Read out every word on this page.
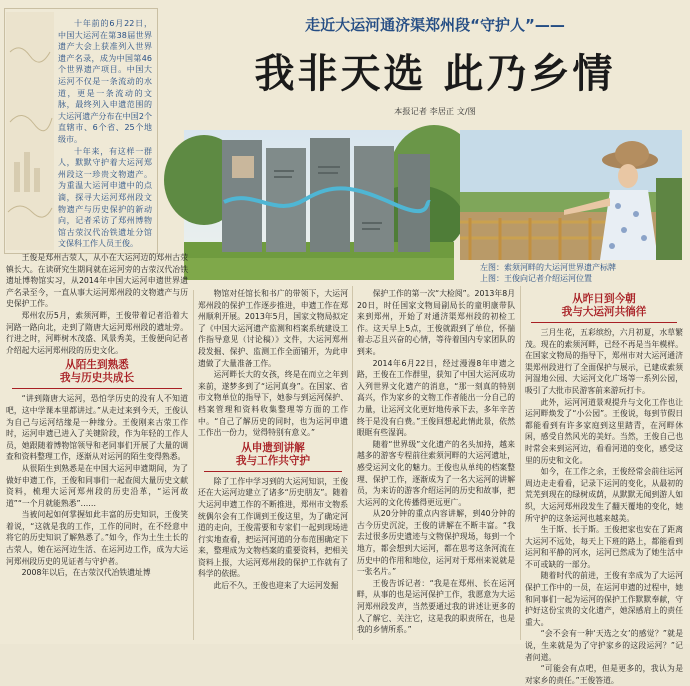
十年前的6月22日，中国大运河在第38届世界遗产大会上获准列入世界遗产名录，成为中国第46个世界遗产项目。中国大运河不仅是一条流动的水道，更是一条流动的文脉，最终列入申遗范围的大运河遗产分布在中国2个直辖市、6个省、25个地级市。

十年来，有这样一群人，默默守护着大运河郑州段这一珍贵文物遗产。为重温大运河申遗中的点滴，探寻大运河郑州段文物遗产与历史保护的新动向，记者采访了郑州博物馆古荥汉代冶铁遗址分馆文保科工作人员王俊。

走近大运河通济渠郑州段“守护人”——
我非天选 此乃乡情
本报记者 李居正 文/图
左图：索须河畔的大运河世界遗产标牌
上图：王俊向记者介绍运河位置

王俊是郑州古荥人，从小在大运河边的郑州古荥镇长大。在读研究生期间就在运河旁的古荥汉代冶铁遗址博物馆实习，从2014年中国大运河申遗世界遗产名录至今，一直从事大运河郑州段的文物遗产与历史保护工作。

郑州农历5月，索须河畔，王俊带着记者沿着大河路一路向北，走到了隋唐大运河郑州段的遗址旁。行进之时，河畔树木茂盛、风景秀美，王俊便向记者介绍起大运河郑州段的历史文化。

从陌生到熟悉
我与历史共成长

“讲到隋唐大运河，恐怕学历史的没有人不知道吧，这中学课本里都讲过。”从走过来到今天，王俊认为自己与运河结缘是一种缘分。王俊刚来古荥工作时，运河申遗已进入了关键阶段，作为年轻的工作人员，她跟随着博物馆领导和老同事们开展了大量的调查和资料整理工作，逐渐从对运河的陌生变得熟悉。

从很陌生到熟悉是在中国大运河申遗期间，为了做好申遗工作，王俊和同事们一起查阅大量历史文献资料，梳理大运河郑州段的历史沿革，“运河故道”“一个月就能熟悉”……

当被问起如何掌握如此丰富的历史知识，王俊笑着说，“这就是我的工作，工作的同时，在不经意中将它的历史知识了解熟悉了。”如今，作为土生土长的古荥人，她在运河边生活、在运河边工作，成为大运河郑州段历史的见证者与守护者。

2008年以后，在古荥汉代冶铁遗址博

物馆对任馆长和书广的带领下，大运河郑州段的保护工作逐步推进，申遗工作在郑州顺利开展。2013年5月，国家文物局拟定了《中国大运河遗产监测和档案系统建设工作指导意见（讨论稿）》文件，大运河郑州段发掘、保护、监测工作全面铺开，为此申遗做了大量准备工作。

运河畔长大的女孩，终是在而立之年到来前，遂梦多到了“运河真身”。在国家、省市文物单位的指导下，她参与到运河保护、档案管理和资料收集整理等方面的工作中。“自己了解历史的同时，也为运河申遗工作出一份力，觉得特别有意义。”

从申遗到讲解
我与工作共守护

除了工作中学习到的大运河知识，王俊还在大运河边建立了诸多“历史朋友”。随着大运河申遗工作的不断推进，郑州市文物系统偶尔会有工作调到王俊这里，为了确定河道的走向，王俊需要和专家们一起到现场进行实地查看，把运河河道的分布范围确定下来，整理成为文物档案的重要资料，把相关资料上报，大运河郑州段的保护工作就有了科学的依据。

此后不久，王俊也迎来了大运河发掘

保护工作的第一次“大检阅”。2013年8月20日，时任国家文物局副局长的童明康带队来到郑州，开始了对通济渠郑州段的初检工作。这天早上5点，王俊就跟到了单位，怀揣着忐忑且兴奋的心情，等待着国内专家团队的到来。

2014年6月22日，经过漫漫8年申遗之路，王俊在工作群里，获知了中国大运河成功入列世界文化遗产的消息，“那一刻真的特别高兴，作为家乡的文物工作者能出一分自己的力量，让运河文化更好地传承下去，多年辛苦终于是没有白费。”王俊回想起此情此景，依然眼眶有些湿润。

随着“世界级”文化遗产的名头加持，越来越多的游客专程前往索须河畔的大运河遗址，感受运河文化的魅力。王俊也从单纯的档案整理、保护工作，逐渐成为了一名大运河的讲解员，为来访的游客介绍运河的历史和故事，把大运河的文化传播得更远更广。

从20分钟的重点内容讲解，到40分钟的古今历史沉淀，王俊的讲解在不断丰富。“我去过很多历史遗迹与文物保护现场，每到一个地方，都会想到大运河，都在思考这条河流在历史中的作用和地位，运河对于郑州来说就是一张名片。”

王俊告诉记者：“我是在郑州、长在运河畔，从事的也是运河保护工作，我愿意为大运河郑州段发声，当然要通过我的讲述让更多的人了解它、关注它，这是我的职责所在，也是我的乡情所系。”

从昨日到今朝
我与大运河共徜徉

三月生花，五彩缤纷，六月初夏，水草繁茂。现在的索须河畔，已经不再是当年模样。在国家文物局的指导下，郑州市对大运河通济渠郑州段进行了全面保护与展示，已建成索须河湿地公园、大运河文化广场等一系列公园，吸引了大批市民游客前来游玩打卡。

此外，运河河道景观提升与文化工作也让运河畔焕发了“小公园”。王俊说，每到节假日都能看到有许多家庭到这里踏青，在河畔休闲，感受自然风光的美好。当然，王俊自己也时常会来到运河边，看看河道的变化，感受这里的历史和文化。

如今，在工作之余，王俊经常会前往运河周边走走看看，记录下运河的变化，从最初的荒芜到现在的绿树成荫，从默默无闻到游人如织，大运河郑州段发生了翻天覆地的变化，她所守护的这条运河也越来越美。

生于斯、长于斯。王俊把家也安在了距离大运河不远处，每天上下班的路上，都能看到运河和平静的河水，运河已然成为了她生活中不可或缺的一部分。

随着时代的前进，王俊有幸成为了大运河保护工作中的一员，在运河申遗的过程中，她和同事们一起为运河的保护工作默默奉献，守护好这份宝贵的文化遗产，她深感肩上的责任重大。

“会不会有一种‘天选之女’的感觉？”就是说，生来就是为了守护家乡的这段运河？”记者问道。

“可能会有点吧，但是更多的，我认为是对家乡的责任。”王俊答道。
